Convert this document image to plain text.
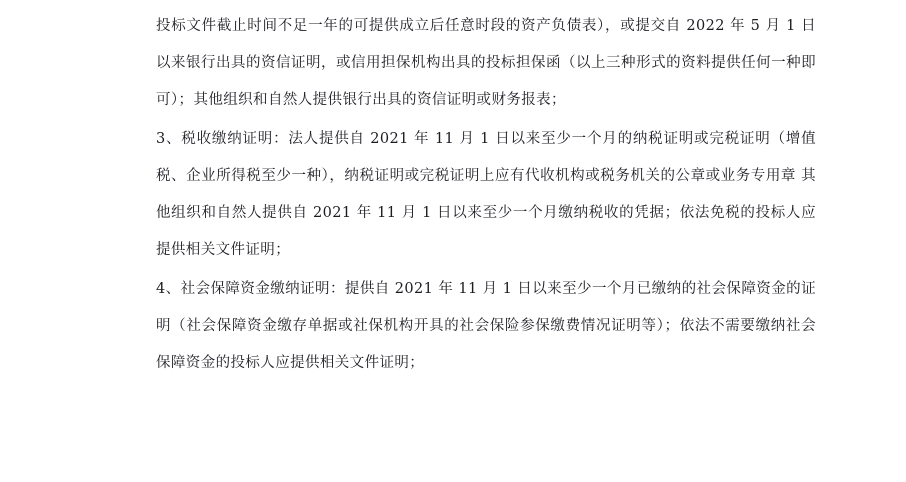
投标文件截止时间不足一年的可提供成立后任意时段的资产负债表），或提交自 2022 年 5 月 1 日以来银行出具的资信证明，或信用担保机构出具的投标担保函（以上三种形式的资料提供任何一种即可）；其他组织和自然人提供银行出具的资信证明或财务报表；

3、税收缴纳证明：法人提供自 2021 年 11 月 1 日以来至少一个月的纳税证明或完税证明（增值税、企业所得税至少一种），纳税证明或完税证明上应有代收机构或税务机关的公章或业务专用章 其他组织和自然人提供自 2021 年 11 月 1 日以来至少一个月缴纳税收的凭据；依法免税的投标人应提供相关文件证明；

4、社会保障资金缴纳证明：提供自 2021 年 11 月 1 日以来至少一个月已缴纳的社会保障资金的证明（社会保障资金缴存单据或社保机构开具的社会保险参保缴费情况证明等）；依法不需要缴纳社会保障资金的投标人应提供相关文件证明；
